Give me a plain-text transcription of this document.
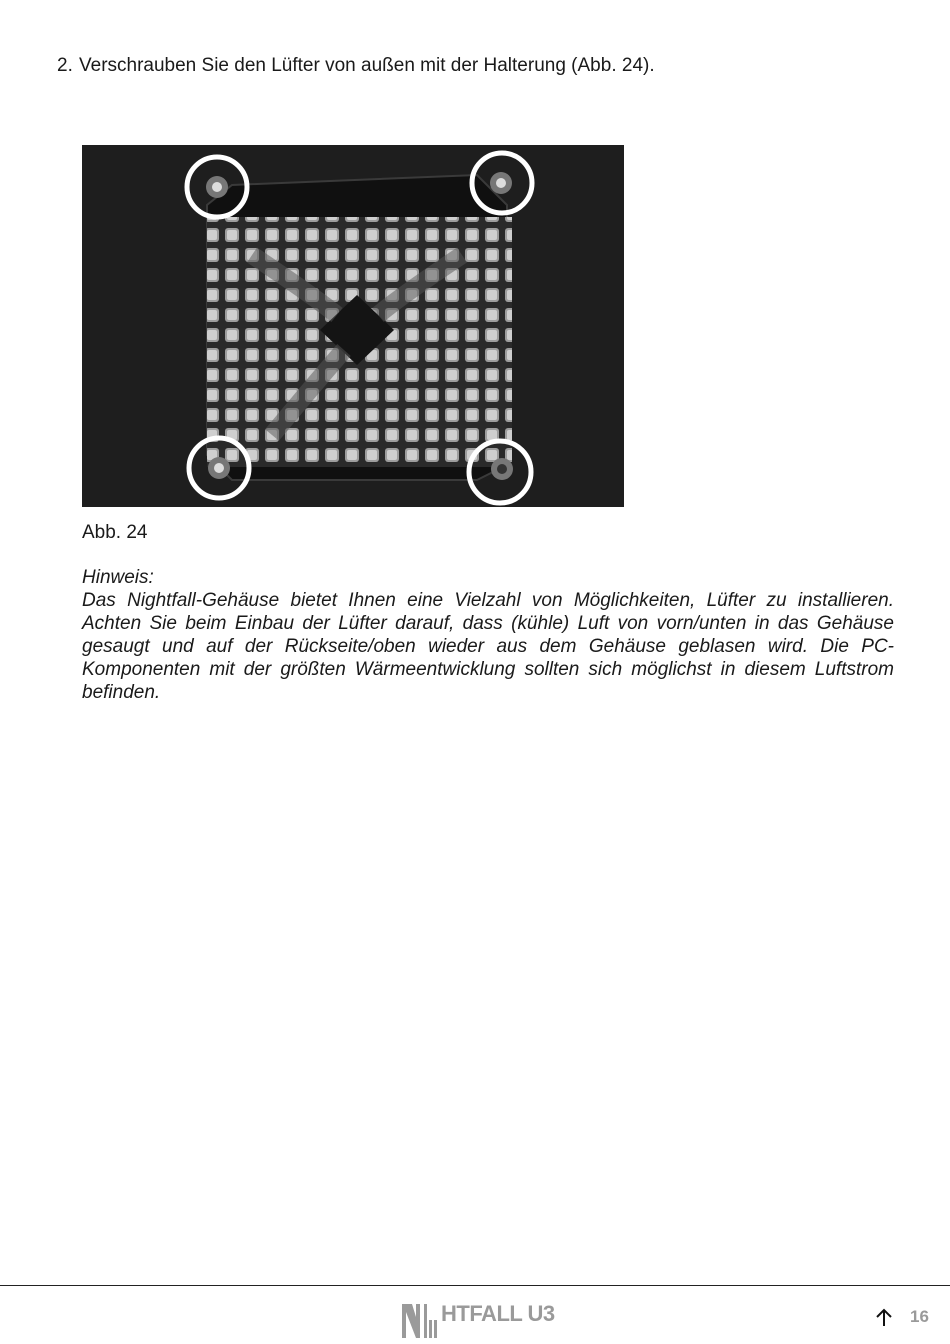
2. Verschrauben Sie den Lüfter von außen mit der Halterung (Abb. 24).

Abb. 24

Hinweis:
Das Nightfall-Gehäuse bietet Ihnen eine Vielzahl von Möglichkeiten, Lüfter zu installieren. Achten Sie beim Einbau der Lüfter darauf, dass (kühle) Luft von vorn/unten in das Gehäuse gesaugt und auf der Rückseite/oben wieder aus dem Gehäuse geblasen wird. Die PC-Komponenten mit der größten Wärmeentwicklung sollten sich möglichst in diesem Luftstrom befinden.
HTFALL U3	16
